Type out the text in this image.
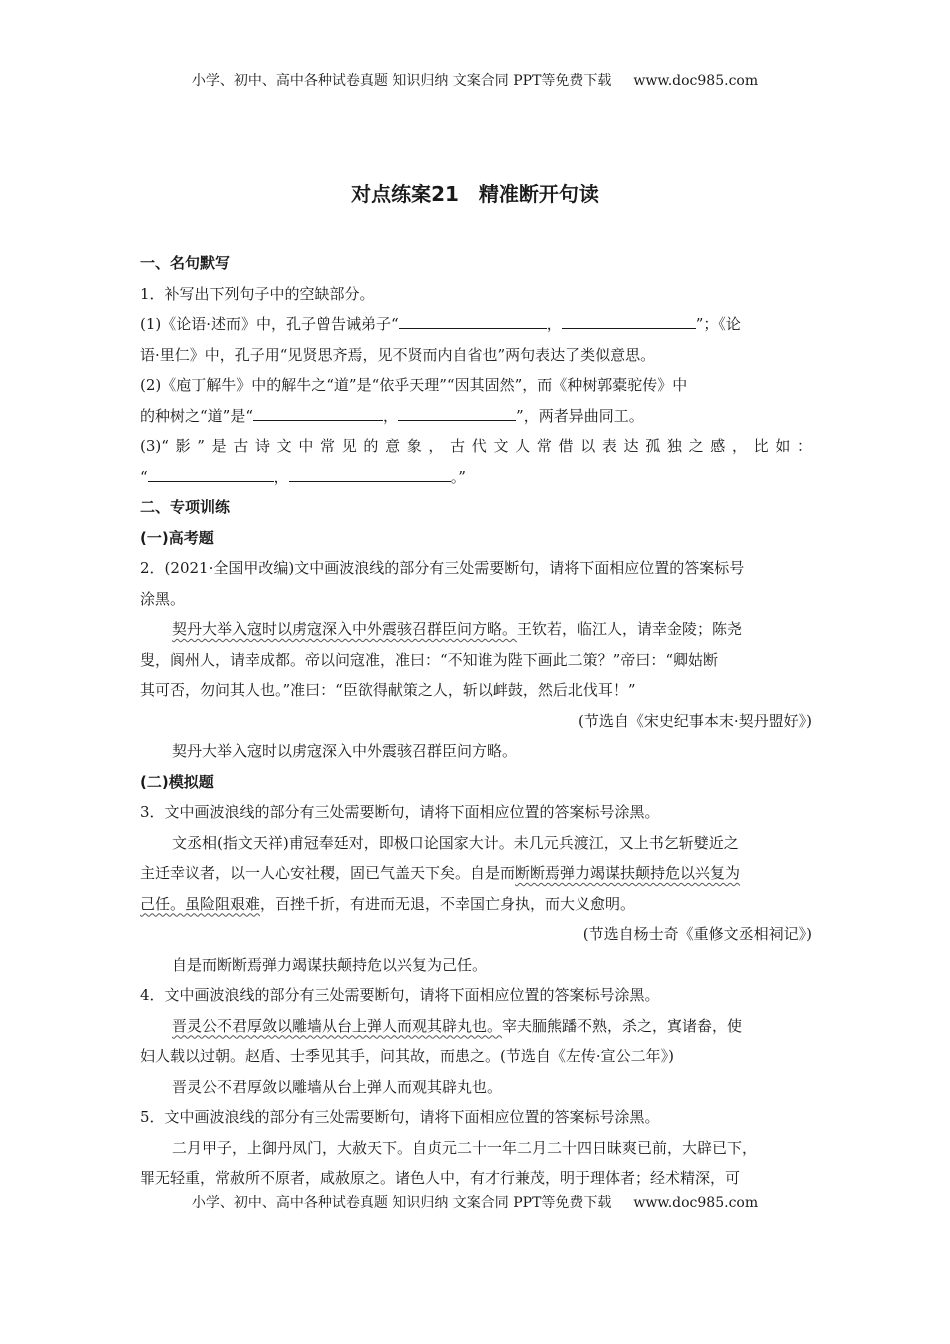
小学、初中、高中各种试卷真题 知识归纳 文案合同 PPT等免费下载 www.doc985.com
对点练案21　精准断开句读
一、名句默写
1．补写出下列句子中的空缺部分。
(1)《论语·述而》中，孔子曾告诫弟子“	，	”；《论
语·里仁》中，孔子用“见贤思齐焉，见不贤而内自省也”两句表达了类似意思。
(2)《庖丁解牛》中的解牛之“道”是“依乎天理”“因其固然”，而《种树郭橐驼传》中
的种树之“道”是“	，	”，两者异曲同工。
(3)“影”是古诗文中常见的意象，古代文人常借以表达孤独之感，比如：
“	，	。”
二、专项训练
(一)高考题
2．(2021·全国甲改编)文中画波浪线的部分有三处需要断句，请将下面相应位置的答案标号
涂黑。
契丹大举入寇时以虏寇深入中外震骇召群臣问方略。王钦若，临江人，请幸金陵；陈尧
叟，阆州人，请幸成都。帝以问寇准，准曰：“不知谁为陛下画此二策？”帝曰：“卿姑断
其可否，勿问其人也。”准曰：“臣欲得献策之人，斩以衅鼓，然后北伐耳！”
(节选自《宋史纪事本末·契丹盟好》)
契丹大举入寇时以虏寇深入中外震骇召群臣问方略。
(二)模拟题
3．文中画波浪线的部分有三处需要断句，请将下面相应位置的答案标号涂黑。
文丞相(指文天祥)甫冠奉廷对，即极口论国家大计。未几元兵渡江，又上书乞斩嬖近之
主迁幸议者，以一人心安社稷，固已气盖天下矣。自是而断断焉弹力竭谋扶颠持危以兴复为
己任。虽险阻艰难，百挫千折，有进而无退，不幸国亡身执，而大义愈明。
(节选自杨士奇《重修文丞相祠记》)
自是而断断焉弹力竭谋扶颠持危以兴复为己任。
4．文中画波浪线的部分有三处需要断句，请将下面相应位置的答案标号涂黑。
晋灵公不君厚敛以雕墙从台上弹人而观其辟丸也。宰夫胹熊蹯不熟，杀之，寘诸畚，使
妇人载以过朝。赵盾、士季见其手，问其故，而患之。(节选自《左传·宣公二年》)
晋灵公不君厚敛以雕墙从台上弹人而观其辟丸也。
5．文中画波浪线的部分有三处需要断句，请将下面相应位置的答案标号涂黑。
二月甲子，上御丹凤门，大赦天下。自贞元二十一年二月二十四日昧爽已前，大辟已下，
罪无轻重，常赦所不原者，咸赦原之。诸色人中，有才行兼茂，明于理体者；经术精深，可
小学、初中、高中各种试卷真题 知识归纳 文案合同 PPT等免费下载 www.doc985.com
